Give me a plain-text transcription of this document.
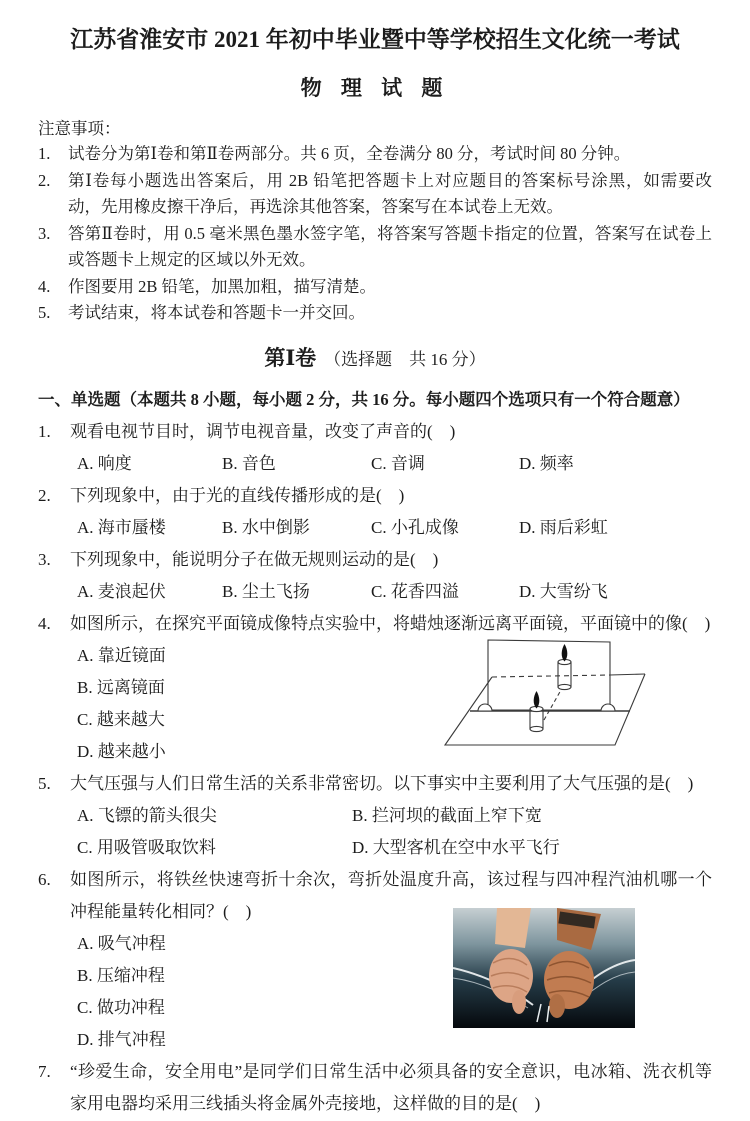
江苏省淮安市 2021 年初中毕业暨中等学校招生文化统一考试
物 理 试 题
注意事项：
1.	试卷分为第Ⅰ卷和第Ⅱ卷两部分。共 6 页，全卷满分 80 分，考试时间 80 分钟。
2.	第Ⅰ卷每小题选出答案后，用 2B 铅笔把答题卡上对应题目的答案标号涂黑，如需要改动，先用橡皮擦干净后，再选涂其他答案，答案写在本试卷上无效。
3.	答第Ⅱ卷时，用 0.5 毫米黑色墨水签字笔，将答案写答题卡指定的位置，答案写在试卷上或答题卡上规定的区域以外无效。
4.	作图要用 2B 铅笔，加黑加粗，描写清楚。
5.	考试结束，将本试卷和答题卡一并交回。
第Ⅰ卷 （选择题　共 16 分）
一、单选题（本题共 8 小题，每小题 2 分，共 16 分。每小题四个选项只有一个符合题意）
1.	观看电视节目时，调节电视音量，改变了声音的(　)
A. 响度	B. 音色	C. 音调	D. 频率
2.	下列现象中，由于光的直线传播形成的是(　)
A. 海市蜃楼	B. 水中倒影	C. 小孔成像	D. 雨后彩虹
3.	下列现象中，能说明分子在做无规则运动的是(　)
A. 麦浪起伏	B. 尘土飞扬	C. 花香四溢	D. 大雪纷飞
4.	如图所示，在探究平面镜成像特点实验中，将蜡烛逐渐远离平面镜，平面镜中的像(　)
A. 靠近镜面
B. 远离镜面
C. 越来越大
D. 越来越小
5.	大气压强与人们日常生活的关系非常密切。以下事实中主要利用了大气压强的是(　)
A. 飞镖的箭头很尖	B. 拦河坝的截面上窄下宽
C. 用吸管吸取饮料	D. 大型客机在空中水平飞行
6.	如图所示，将铁丝快速弯折十余次，弯折处温度升高，该过程与四冲程汽油机哪一个冲程能量转化相同？(　)
A. 吸气冲程
B. 压缩冲程
C. 做功冲程
D. 排气冲程
7.	“珍爱生命，安全用电”是同学们日常生活中必须具备的安全意识，电冰箱、洗衣机等家用电器均采用三线插头将金属外壳接地，这样做的目的是(　)
